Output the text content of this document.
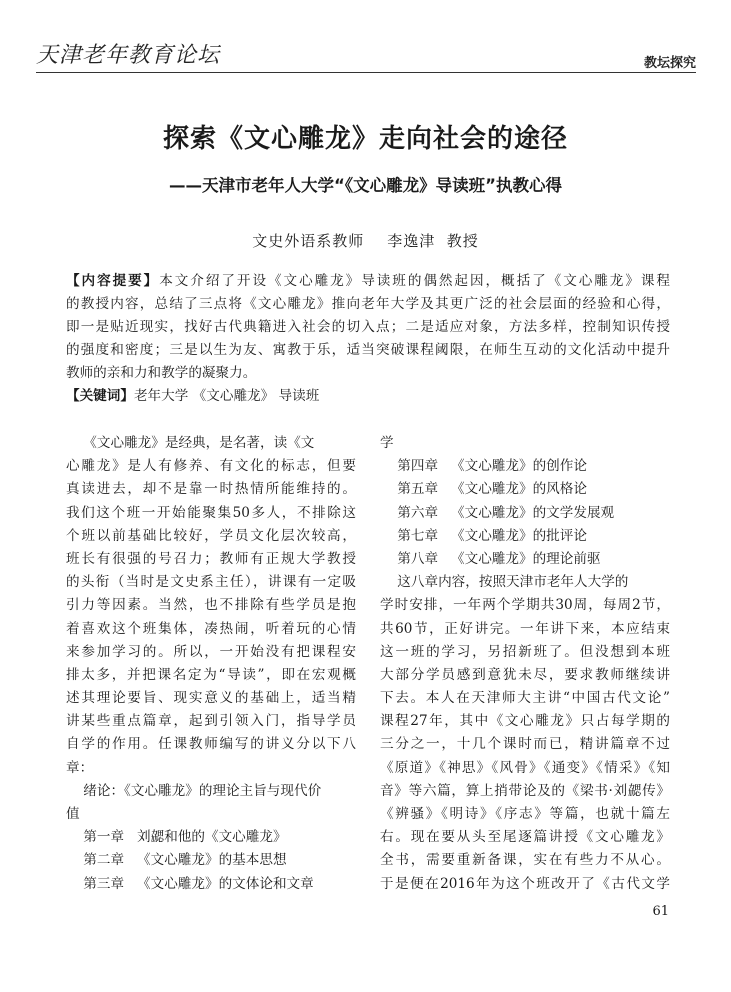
天津老年教育论坛	教坛探究
探索《文心雕龙》走向社会的途径
——天津市老年人大学“《文心雕龙》导读班”执教心得
文史外语系教师    李逸津  教授
【内容提要】本文介绍了开设《文心雕龙》导读班的偶然起因，概括了《文心雕龙》课程
的教授内容，总结了三点将《文心雕龙》推向老年大学及其更广泛的社会层面的经验和心得，
即一是贴近现实，找好古代典籍进入社会的切入点；二是适应对象，方法多样，控制知识传授
的强度和密度；三是以生为友、寓教于乐，适当突破课程阈限，在师生互动的文化活动中提升
教师的亲和力和教学的凝聚力。
【关键词】老年大学 《文心雕龙》 导读班
《文心雕龙》是经典，是名著，读《文
心雕龙》是人有修养、有文化的标志，但要
真读进去，却不是靠一时热情所能维持的。
我们这个班一开始能聚集50多人，不排除这
个班以前基础比较好，学员文化层次较高，
班长有很强的号召力；教师有正规大学教授
的头衔（当时是文史系主任），讲课有一定吸
引力等因素。当然，也不排除有些学员是抱
着喜欢这个班集体，凑热闹，听着玩的心情
来参加学习的。所以，一开始没有把课程安
排太多，并把课名定为“导读”，即在宏观概
述其理论要旨、现实意义的基础上，适当精
讲某些重点篇章，起到引领入门，指导学员
自学的作用。任课教师编写的讲义分以下八
章：
绪论：《文心雕龙》的理论主旨与现代价
值
第一章   刘勰和他的《文心雕龙》
第二章   《文心雕龙》的基本思想
第三章   《文心雕龙》的文体论和文章
学
第四章   《文心雕龙》的创作论
第五章   《文心雕龙》的风格论
第六章   《文心雕龙》的文学发展观
第七章   《文心雕龙》的批评论
第八章   《文心雕龙》的理论前驱
这八章内容，按照天津市老年人大学的
学时安排，一年两个学期共30周，每周2节，
共60节，正好讲完。一年讲下来，本应结束
这一班的学习，另招新班了。但没想到本班
大部分学员感到意犹未尽，要求教师继续讲
下去。本人在天津师大主讲“中国古代文论”
课程27年，其中《文心雕龙》只占每学期的
三分之一，十几个课时而已，精讲篇章不过
《原道》《神思》《风骨》《通变》《情采》《知
音》等六篇，算上捎带论及的《梁书·刘勰传》
《辨骚》《明诗》《序志》等篇，也就十篇左
右。现在要从头至尾逐篇讲授《文心雕龙》
全书，需要重新备课，实在有些力不从心。
于是便在2016年为这个班改开了《古代文学
61
